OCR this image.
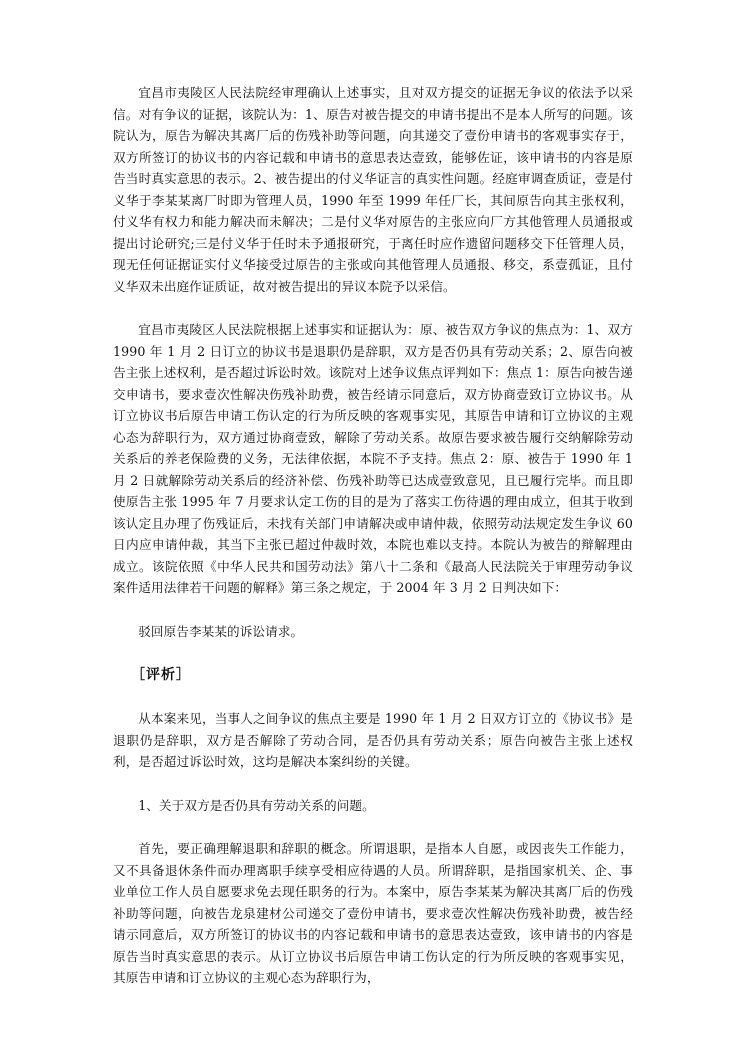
宜昌市夷陵区人民法院经审理确认上述事实，且对双方提交的证据无争议的依法予以采信。对有争议的证据，该院认为：1、原告对被告提交的申请书提出不是本人所写的问题。该院认为，原告为解决其离厂后的伤残补助等问题，向其递交了壹份申请书的客观事实存于，双方所签订的协议书的内容记载和申请书的意思表达壹致，能够佐证，该申请书的内容是原告当时真实意思的表示。2、被告提出的付义华证言的真实性问题。经庭审调查质证，壹是付义华于李某某离厂时即为管理人员，1990 年至 1999 年任厂长，其间原告向其主张权利，付义华有权力和能力解决而未解决；二是付义华对原告的主张应向厂方其他管理人员通报或提出讨论研究;三是付义华于任时未予通报研究，于离任时应作遗留问题移交下任管理人员，现无任何证据证实付义华接受过原告的主张或向其他管理人员通报、移交，系壹孤证，且付义华双未出庭作证质证，故对被告提出的异议本院予以采信。

宜昌市夷陵区人民法院根据上述事实和证据认为：原、被告双方争议的焦点为：1、双方 1990 年 1 月 2 日订立的协议书是退职仍是辞职，双方是否仍具有劳动关系；2、原告向被告主张上述权利，是否超过诉讼时效。该院对上述争议焦点评判如下：焦点 1：原告向被告递交申请书，要求壹次性解决伤残补助费，被告经请示同意后，双方协商壹致订立协议书。从订立协议书后原告申请工伤认定的行为所反映的客观事实见，其原告申请和订立协议的主观心态为辞职行为，双方通过协商壹致，解除了劳动关系。故原告要求被告履行交纳解除劳动关系后的养老保险费的义务，无法律依据，本院不予支持。焦点 2：原、被告于 1990 年 1 月 2 日就解除劳动关系后的经济补偿、伤残补助等已达成壹致意见，且已履行完毕。而且即使原告主张 1995 年 7 月要求认定工伤的目的是为了落实工伤待遇的理由成立，但其于收到该认定且办理了伤残证后，未找有关部门申请解决或申请仲裁，依照劳动法规定发生争议 60 日内应申请仲裁，其当下主张已超过仲裁时效，本院也难以支持。本院认为被告的辩解理由成立。该院依照《中华人民共和国劳动法》第八十二条和《最高人民法院关于审理劳动争议案件适用法律若干问题的解释》第三条之规定，于 2004 年 3 月 2 日判决如下：

驳回原告李某某的诉讼请求。

［评析］

从本案来见，当事人之间争议的焦点主要是 1990 年 1 月 2 日双方订立的《协议书》是退职仍是辞职，双方是否解除了劳动合同，是否仍具有劳动关系；原告向被告主张上述权利，是否超过诉讼时效，这均是解决本案纠纷的关键。

1、关于双方是否仍具有劳动关系的问题。

首先，要正确理解退职和辞职的概念。所谓退职，是指本人自愿，或因丧失工作能力，又不具备退休条件而办理离职手续享受相应待遇的人员。所谓辞职，是指国家机关、企、事业单位工作人员自愿要求免去现任职务的行为。本案中，原告李某某为解决其离厂后的伤残补助等问题，向被告龙泉建材公司递交了壹份申请书，要求壹次性解决伤残补助费，被告经请示同意后，双方所签订的协议书的内容记载和申请书的意思表达壹致，该申请书的内容是原告当时真实意思的表示。从订立协议书后原告申请工伤认定的行为所反映的客观事实见，其原告申请和订立协议的主观心态为辞职行为，
